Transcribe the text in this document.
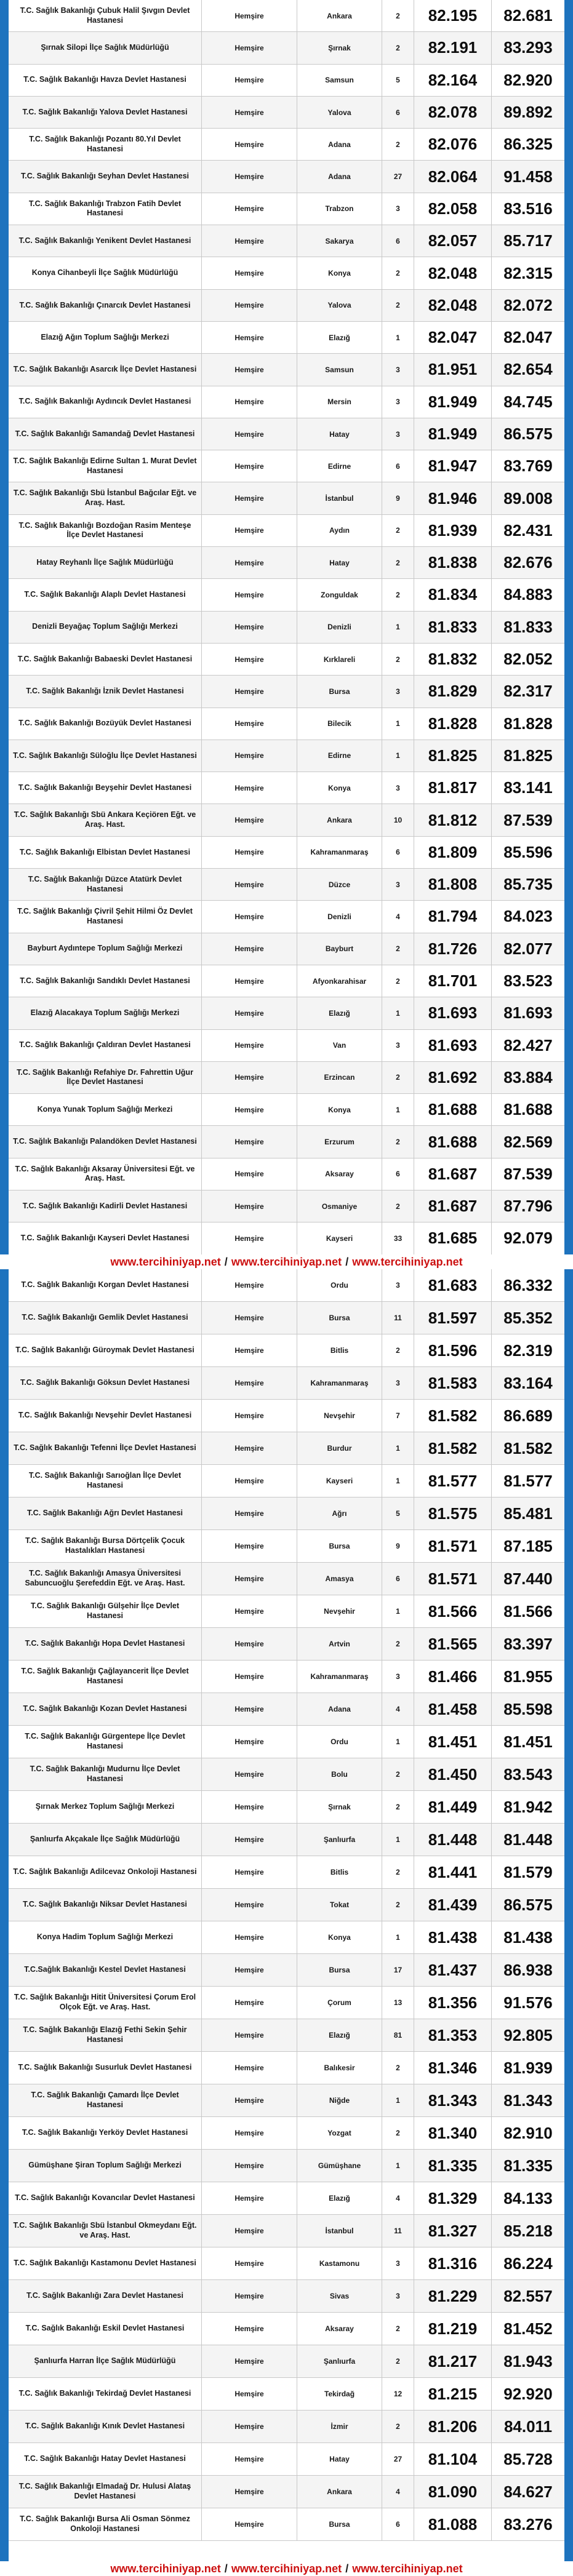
T.C. Sağlık Bakanlığı Çubuk Halil Şıvgın Devlet Hastanesi	Hemşire	Ankara	2	82.195	82.681
Şırnak Silopi İlçe Sağlık Müdürlüğü	Hemşire	Şırnak	2	82.191	83.293
T.C. Sağlık Bakanlığı Havza Devlet Hastanesi	Hemşire	Samsun	5	82.164	82.920
T.C. Sağlık Bakanlığı Yalova Devlet Hastanesi	Hemşire	Yalova	6	82.078	89.892
T.C. Sağlık Bakanlığı Pozantı 80.Yıl Devlet Hastanesi	Hemşire	Adana	2	82.076	86.325
T.C. Sağlık Bakanlığı Seyhan Devlet Hastanesi	Hemşire	Adana	27	82.064	91.458
T.C. Sağlık Bakanlığı Trabzon Fatih Devlet Hastanesi	Hemşire	Trabzon	3	82.058	83.516
T.C. Sağlık Bakanlığı Yenikent Devlet Hastanesi	Hemşire	Sakarya	6	82.057	85.717
Konya Cihanbeyli İlçe Sağlık Müdürlüğü	Hemşire	Konya	2	82.048	82.315
T.C. Sağlık Bakanlığı Çınarcık Devlet Hastanesi	Hemşire	Yalova	2	82.048	82.072
Elazığ Ağın Toplum Sağlığı Merkezi	Hemşire	Elazığ	1	82.047	82.047
T.C. Sağlık Bakanlığı Asarcık İlçe Devlet Hastanesi	Hemşire	Samsun	3	81.951	82.654
T.C. Sağlık Bakanlığı Aydıncık Devlet Hastanesi	Hemşire	Mersin	3	81.949	84.745
T.C. Sağlık Bakanlığı Samandağ Devlet Hastanesi	Hemşire	Hatay	3	81.949	86.575
T.C. Sağlık Bakanlığı Edirne Sultan 1. Murat Devlet Hastanesi	Hemşire	Edirne	6	81.947	83.769
T.C. Sağlık Bakanlığı Sbü İstanbul Bağcılar Eğt. ve Araş. Hast.	Hemşire	İstanbul	9	81.946	89.008
T.C. Sağlık Bakanlığı Bozdoğan Rasim Menteşe İlçe Devlet Hastanesi	Hemşire	Aydın	2	81.939	82.431
Hatay Reyhanlı İlçe Sağlık Müdürlüğü	Hemşire	Hatay	2	81.838	82.676
T.C. Sağlık Bakanlığı Alaplı Devlet Hastanesi	Hemşire	Zonguldak	2	81.834	84.883
Denizli Beyağaç Toplum Sağlığı Merkezi	Hemşire	Denizli	1	81.833	81.833
T.C. Sağlık Bakanlığı Babaeski Devlet Hastanesi	Hemşire	Kırklareli	2	81.832	82.052
T.C. Sağlık Bakanlığı İznik Devlet Hastanesi	Hemşire	Bursa	3	81.829	82.317
T.C. Sağlık Bakanlığı Bozüyük Devlet Hastanesi	Hemşire	Bilecik	1	81.828	81.828
T.C. Sağlık Bakanlığı Süloğlu İlçe Devlet Hastanesi	Hemşire	Edirne	1	81.825	81.825
T.C. Sağlık Bakanlığı Beyşehir Devlet Hastanesi	Hemşire	Konya	3	81.817	83.141
T.C. Sağlık Bakanlığı Sbü Ankara Keçiören Eğt. ve Araş. Hast.	Hemşire	Ankara	10	81.812	87.539
T.C. Sağlık Bakanlığı Elbistan Devlet Hastanesi	Hemşire	Kahramanmaraş	6	81.809	85.596
T.C. Sağlık Bakanlığı Düzce Atatürk Devlet Hastanesi	Hemşire	Düzce	3	81.808	85.735
T.C. Sağlık Bakanlığı Çivril Şehit Hilmi Öz Devlet Hastanesi	Hemşire	Denizli	4	81.794	84.023
Bayburt Aydıntepe Toplum Sağlığı Merkezi	Hemşire	Bayburt	2	81.726	82.077
T.C. Sağlık Bakanlığı Sandıklı Devlet Hastanesi	Hemşire	Afyonkarahisar	2	81.701	83.523
Elazığ Alacakaya Toplum Sağlığı Merkezi	Hemşire	Elazığ	1	81.693	81.693
T.C. Sağlık Bakanlığı Çaldıran Devlet Hastanesi	Hemşire	Van	3	81.693	82.427
T.C. Sağlık Bakanlığı Refahiye Dr. Fahrettin Uğur İlçe Devlet Hastanesi	Hemşire	Erzincan	2	81.692	83.884
Konya Yunak Toplum Sağlığı Merkezi	Hemşire	Konya	1	81.688	81.688
T.C. Sağlık Bakanlığı Palandöken Devlet Hastanesi	Hemşire	Erzurum	2	81.688	82.569
T.C. Sağlık Bakanlığı Aksaray Üniversitesi Eğt. ve Araş. Hast.	Hemşire	Aksaray	6	81.687	87.539
T.C. Sağlık Bakanlığı Kadirli Devlet Hastanesi	Hemşire	Osmaniye	2	81.687	87.796
T.C. Sağlık Bakanlığı Kayseri Devlet Hastanesi	Hemşire	Kayseri	33	81.685	92.079
www.tercihiniyap.net / www.tercihiniyap.net / www.tercihiniyap.net
T.C. Sağlık Bakanlığı Korgan Devlet Hastanesi	Hemşire	Ordu	3	81.683	86.332
T.C. Sağlık Bakanlığı Gemlik Devlet Hastanesi	Hemşire	Bursa	11	81.597	85.352
T.C. Sağlık Bakanlığı Güroymak Devlet Hastanesi	Hemşire	Bitlis	2	81.596	82.319
T.C. Sağlık Bakanlığı Göksun Devlet Hastanesi	Hemşire	Kahramanmaraş	3	81.583	83.164
T.C. Sağlık Bakanlığı Nevşehir Devlet Hastanesi	Hemşire	Nevşehir	7	81.582	86.689
T.C. Sağlık Bakanlığı Tefenni İlçe Devlet Hastanesi	Hemşire	Burdur	1	81.582	81.582
T.C. Sağlık Bakanlığı Sarıoğlan İlçe Devlet Hastanesi	Hemşire	Kayseri	1	81.577	81.577
T.C. Sağlık Bakanlığı Ağrı Devlet Hastanesi	Hemşire	Ağrı	5	81.575	85.481
T.C. Sağlık Bakanlığı Bursa Dörtçelik Çocuk Hastalıkları Hastanesi	Hemşire	Bursa	9	81.571	87.185
T.C. Sağlık Bakanlığı Amasya Üniversitesi Sabuncuoğlu Şerefeddin Eğt. ve Araş. Hast.	Hemşire	Amasya	6	81.571	87.440
T.C. Sağlık Bakanlığı Gülşehir İlçe Devlet Hastanesi	Hemşire	Nevşehir	1	81.566	81.566
T.C. Sağlık Bakanlığı Hopa Devlet Hastanesi	Hemşire	Artvin	2	81.565	83.397
T.C. Sağlık Bakanlığı Çağlayancerit İlçe Devlet Hastanesi	Hemşire	Kahramanmaraş	3	81.466	81.955
T.C. Sağlık Bakanlığı Kozan Devlet Hastanesi	Hemşire	Adana	4	81.458	85.598
T.C. Sağlık Bakanlığı Gürgentepe İlçe Devlet Hastanesi	Hemşire	Ordu	1	81.451	81.451
T.C. Sağlık Bakanlığı Mudurnu İlçe Devlet Hastanesi	Hemşire	Bolu	2	81.450	83.543
Şırnak Merkez Toplum Sağlığı Merkezi	Hemşire	Şırnak	2	81.449	81.942
Şanlıurfa Akçakale İlçe Sağlık Müdürlüğü	Hemşire	Şanlıurfa	1	81.448	81.448
T.C. Sağlık Bakanlığı Adilcevaz Onkoloji Hastanesi	Hemşire	Bitlis	2	81.441	81.579
T.C. Sağlık Bakanlığı Niksar Devlet Hastanesi	Hemşire	Tokat	2	81.439	86.575
Konya Hadim Toplum Sağlığı Merkezi	Hemşire	Konya	1	81.438	81.438
T.C.Sağlık Bakanlığı Kestel Devlet Hastanesi	Hemşire	Bursa	17	81.437	86.938
T.C. Sağlık Bakanlığı Hitit Üniversitesi Çorum Erol Olçok Eğt. ve Araş. Hast.	Hemşire	Çorum	13	81.356	91.576
T.C. Sağlık Bakanlığı Elazığ Fethi Sekin Şehir Hastanesi	Hemşire	Elazığ	81	81.353	92.805
T.C. Sağlık Bakanlığı Susurluk Devlet Hastanesi	Hemşire	Balıkesir	2	81.346	81.939
T.C. Sağlık Bakanlığı Çamardı İlçe Devlet Hastanesi	Hemşire	Niğde	1	81.343	81.343
T.C. Sağlık Bakanlığı Yerköy Devlet Hastanesi	Hemşire	Yozgat	2	81.340	82.910
Gümüşhane Şiran Toplum Sağlığı Merkezi	Hemşire	Gümüşhane	1	81.335	81.335
T.C. Sağlık Bakanlığı Kovancılar Devlet Hastanesi	Hemşire	Elazığ	4	81.329	84.133
T.C. Sağlık Bakanlığı Sbü İstanbul Okmeydanı Eğt. ve Araş. Hast.	Hemşire	İstanbul	11	81.327	85.218
T.C. Sağlık Bakanlığı Kastamonu Devlet Hastanesi	Hemşire	Kastamonu	3	81.316	86.224
T.C. Sağlık Bakanlığı Zara Devlet Hastanesi	Hemşire	Sivas	3	81.229	82.557
T.C. Sağlık Bakanlığı Eskil Devlet Hastanesi	Hemşire	Aksaray	2	81.219	81.452
Şanlıurfa Harran İlçe Sağlık Müdürlüğü	Hemşire	Şanlıurfa	2	81.217	81.943
T.C. Sağlık Bakanlığı Tekirdağ Devlet Hastanesi	Hemşire	Tekirdağ	12	81.215	92.920
T.C. Sağlık Bakanlığı Kınık Devlet Hastanesi	Hemşire	İzmir	2	81.206	84.011
T.C. Sağlık Bakanlığı Hatay Devlet Hastanesi	Hemşire	Hatay	27	81.104	85.728
T.C. Sağlık Bakanlığı Elmadağ Dr. Hulusi Alataş Devlet Hastanesi	Hemşire	Ankara	4	81.090	84.627
T.C. Sağlık Bakanlığı Bursa Ali Osman Sönmez Onkoloji Hastanesi	Hemşire	Bursa	6	81.088	83.276
www.tercihiniyap.net / www.tercihiniyap.net / www.tercihiniyap.net
